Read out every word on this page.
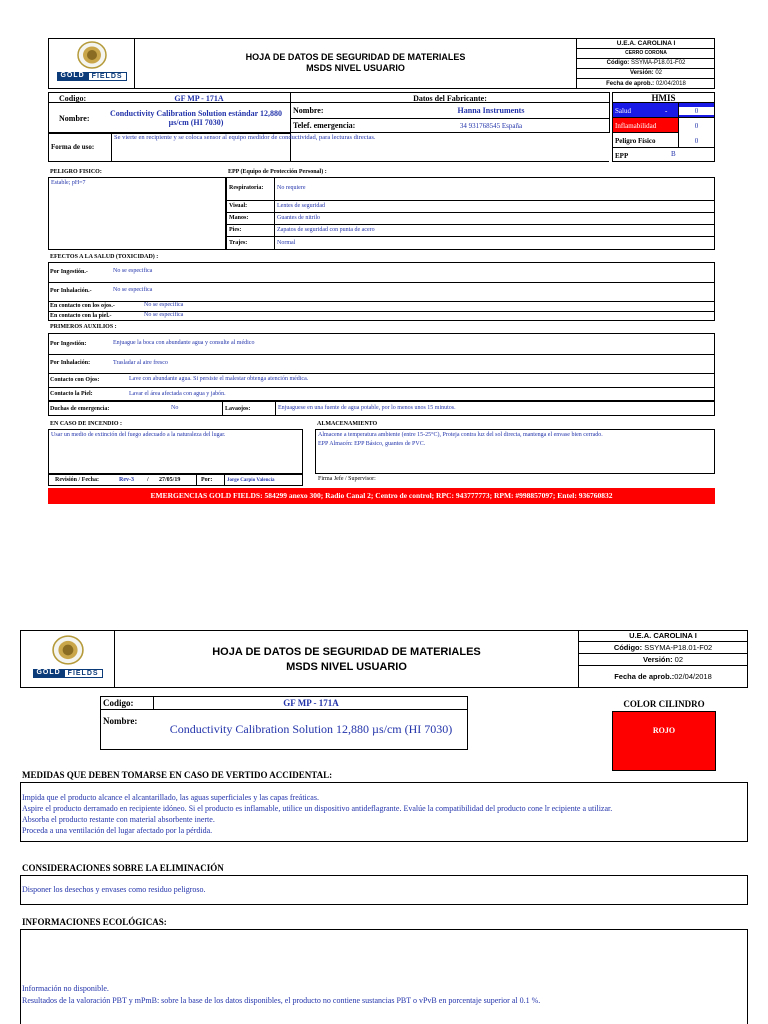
GOLD	FIELDS
HOJA DE DATOS DE SEGURIDAD DE MATERIALES
MSDS NIVEL USUARIO
U.E.A. CAROLINA I
CERRO CORONA
Código: SSYMA-P18.01-F02
Versión: 02
Fecha de aprob.: 02/04/2018
Codigo:	GF MP - 171A
Nombre:
Conductivity Calibration Solution estándar 12,880 µs/cm (HI 7030)
Forma de uso:
Se vierte en recipiente y se coloca sensor al equipo medidor de conductividad, para lecturas directas.
Datos del Fabricante:
Nombre:	Hanna Instruments
Telef. emergencia:	34 931768545 España
HMIS
Salud	-	0
Inflamabilidad	0
Peligro Físico	0
EPP	B
PELIGRO FISICO:
Estable; pH=7
EPP (Equipo de Protección Personal) :
Respiratoria: No requiere
Visual:	Lentes de seguridad
Manos:	Guantes de nitrilo
Pies:	Zapatos de seguridad con punta de acero
Trajes:	Normal
EFECTOS A LA SALUD (TOXICIDAD) :
Por Ingestión.-	No se especifica
Por Inhalación.-	No se especifica
En contacto con los ojos.-	No se especifica
En contacto con la piel.-	No se especifica
PRIMEROS AUXILIOS :
Por Ingestión:	Enjuague la boca con abundante agua y consulte al médico
Por Inhalación:	Trasladar al aire fresco
Contacto con Ojos:	Lave con abundante agua. Si persiste el malestar obtenga atención médica.
Contacto la Piel:	Lavar el área afectada con agua y jabón.
Duchas de emergencia:	No	Lavaojos:	Enjuaguese en una fuente de agua potable, por lo menos unos 15 minutos.
EN CASO DE INCENDIO :
Usar un medio de extinción del fuego adecuado a la naturaleza del lugar.
ALMACENAMIENTO
Almacene a temperatura ambiente (entre 15-25°C), Proteja contra luz del sol directa, mantenga el envase bien cerrado.
EPP Almacén: EPP Básico, guantes de PVC.
Revisión / Fecha:	Rev-3 / 27/05/19	Por:	Jorge Carpio Valencia	Firma Jefe / Supervisor:
EMERGENCIAS GOLD FIELDS: 584299 anexo 300; Radio Canal 2; Centro de control; RPC: 943777773; RPM: #998857097; Entel: 936760832
GOLD	FIELDS
HOJA DE DATOS DE SEGURIDAD DE MATERIALES
MSDS NIVEL USUARIO
U.E.A. CAROLINA I
Código: SSYMA-P18.01-F02
Versión: 02
Fecha de aprob.:02/04/2018
Codigo:	GF MP - 171A
Nombre:
Conductivity Calibration Solution 12,880 µs/cm (HI 7030)
COLOR CILINDRO
ROJO
MEDIDAS QUE DEBEN TOMARSE EN CASO DE VERTIDO ACCIDENTAL:
Impida que el producto alcance el alcantarillado, las aguas superficiales y las capas freáticas.
Aspire el producto derramado en recipiente idóneo. Si el producto es inflamable, utilice un dispositivo antideflagrante. Evalúe la compatibilidad del producto cone lr ecipiente a utilizar.
Absorba el producto restante con material absorbente inerte.
Proceda a una ventilación del lugar afectado por la pérdida.
CONSIDERACIONES SOBRE LA ELIMINACIÓN
Disponer los desechos y envases como residuo peligroso.
INFORMACIONES ECOLÓGICAS:
Información no disponible.
Resultados de la valoración PBT y mPmB: sobre la base de los datos disponibles, el producto no contiene sustancias PBT o vPvB en porcentaje superior al 0.1 %.
